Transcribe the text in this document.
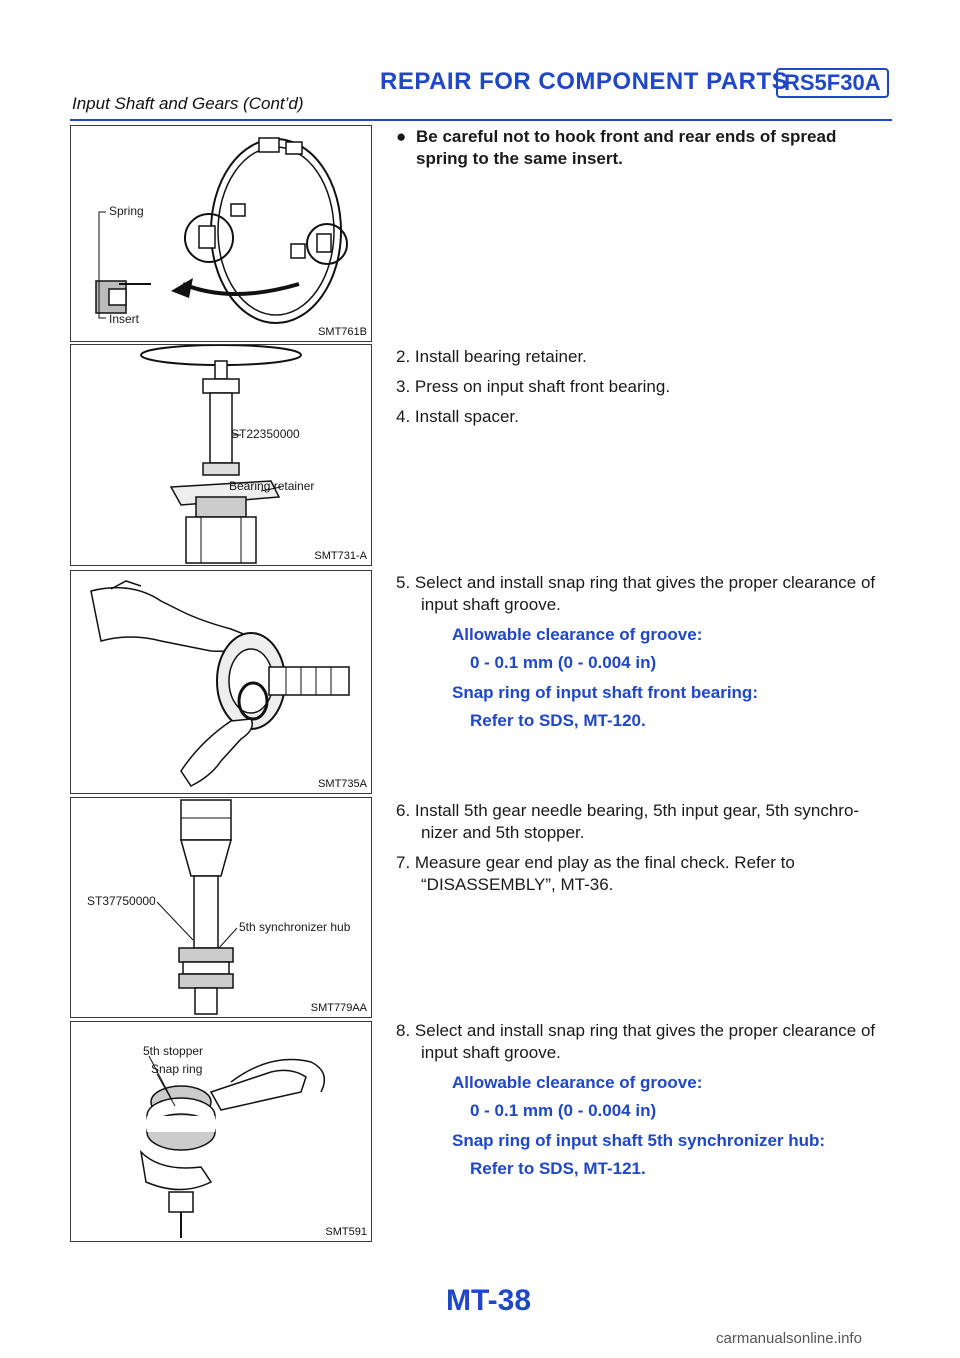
REPAIR FOR COMPONENT PARTS
RS5F30A
Input Shaft and Gears (Cont’d)
Spring
Insert
SMT761B
ST22350000
Bearing retainer
SMT731-A
SMT735A
ST37750000
5th synchronizer hub
SMT779AA
5th stopper
Snap ring
SMT591
● Be careful not to hook front and rear ends of spread spring to the same insert.
2. Install bearing retainer.
3. Press on input shaft front bearing.
4. Install spacer.
5. Select and install snap ring that gives the proper clearance of input shaft groove.
Allowable clearance of groove:
0 - 0.1 mm (0 - 0.004 in)
Snap ring of input shaft front bearing:
Refer to SDS, MT-120.
6. Install 5th gear needle bearing, 5th input gear, 5th synchro-nizer and 5th stopper.
7. Measure gear end play as the final check. Refer to “DISASSEMBLY”, MT-36.
8. Select and install snap ring that gives the proper clearance of input shaft groove.
Allowable clearance of groove:
0 - 0.1 mm (0 - 0.004 in)
Snap ring of input shaft 5th synchronizer hub:
Refer to SDS, MT-121.
MT-38
carmanualsonline.info
